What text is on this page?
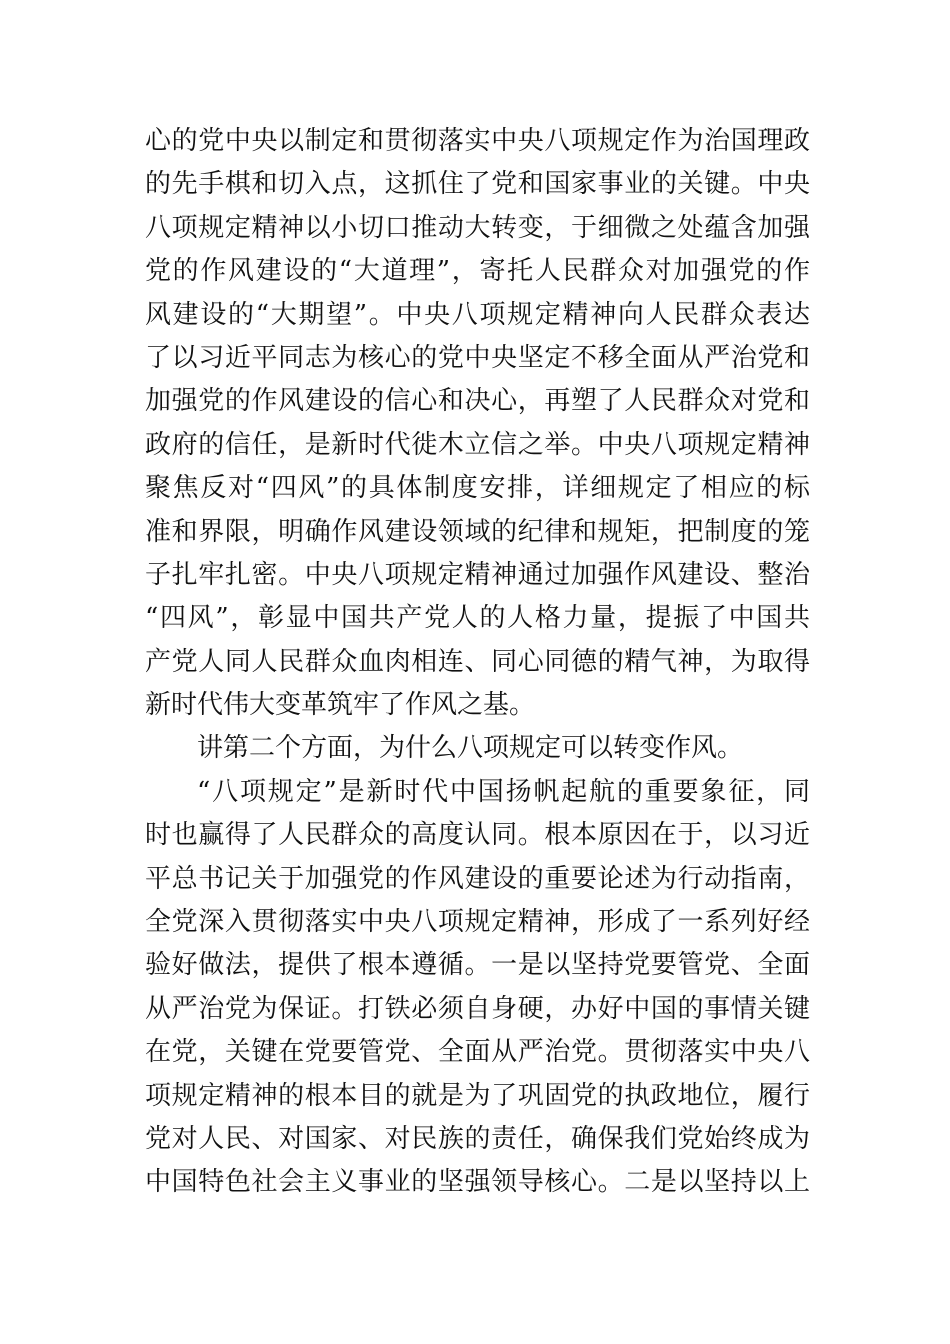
心的党中央以制定和贯彻落实中央八项规定作为治国理政
的先手棋和切入点，这抓住了党和国家事业的关键。中央
八项规定精神以小切口推动大转变，于细微之处蕴含加强
党的作风建设的“大道理”，寄托人民群众对加强党的作
风建设的“大期望”。中央八项规定精神向人民群众表达
了以习近平同志为核心的党中央坚定不移全面从严治党和
加强党的作风建设的信心和决心，再塑了人民群众对党和
政府的信任，是新时代徙木立信之举。中央八项规定精神
聚焦反对“四风”的具体制度安排，详细规定了相应的标
准和界限，明确作风建设领域的纪律和规矩，把制度的笼
子扎牢扎密。中央八项规定精神通过加强作风建设、整治
“四风”，彰显中国共产党人的人格力量，提振了中国共
产党人同人民群众血肉相连、同心同德的精气神，为取得
新时代伟大变革筑牢了作风之基。
讲第二个方面，为什么八项规定可以转变作风。
“八项规定”是新时代中国扬帆起航的重要象征，同
时也赢得了人民群众的高度认同。根本原因在于，以习近
平总书记关于加强党的作风建设的重要论述为行动指南，
全党深入贯彻落实中央八项规定精神，形成了一系列好经
验好做法，提供了根本遵循。一是以坚持党要管党、全面
从严治党为保证。打铁必须自身硬，办好中国的事情关键
在党，关键在党要管党、全面从严治党。贯彻落实中央八
项规定精神的根本目的就是为了巩固党的执政地位，履行
党对人民、对国家、对民族的责任，确保我们党始终成为
中国特色社会主义事业的坚强领导核心。二是以坚持以上
